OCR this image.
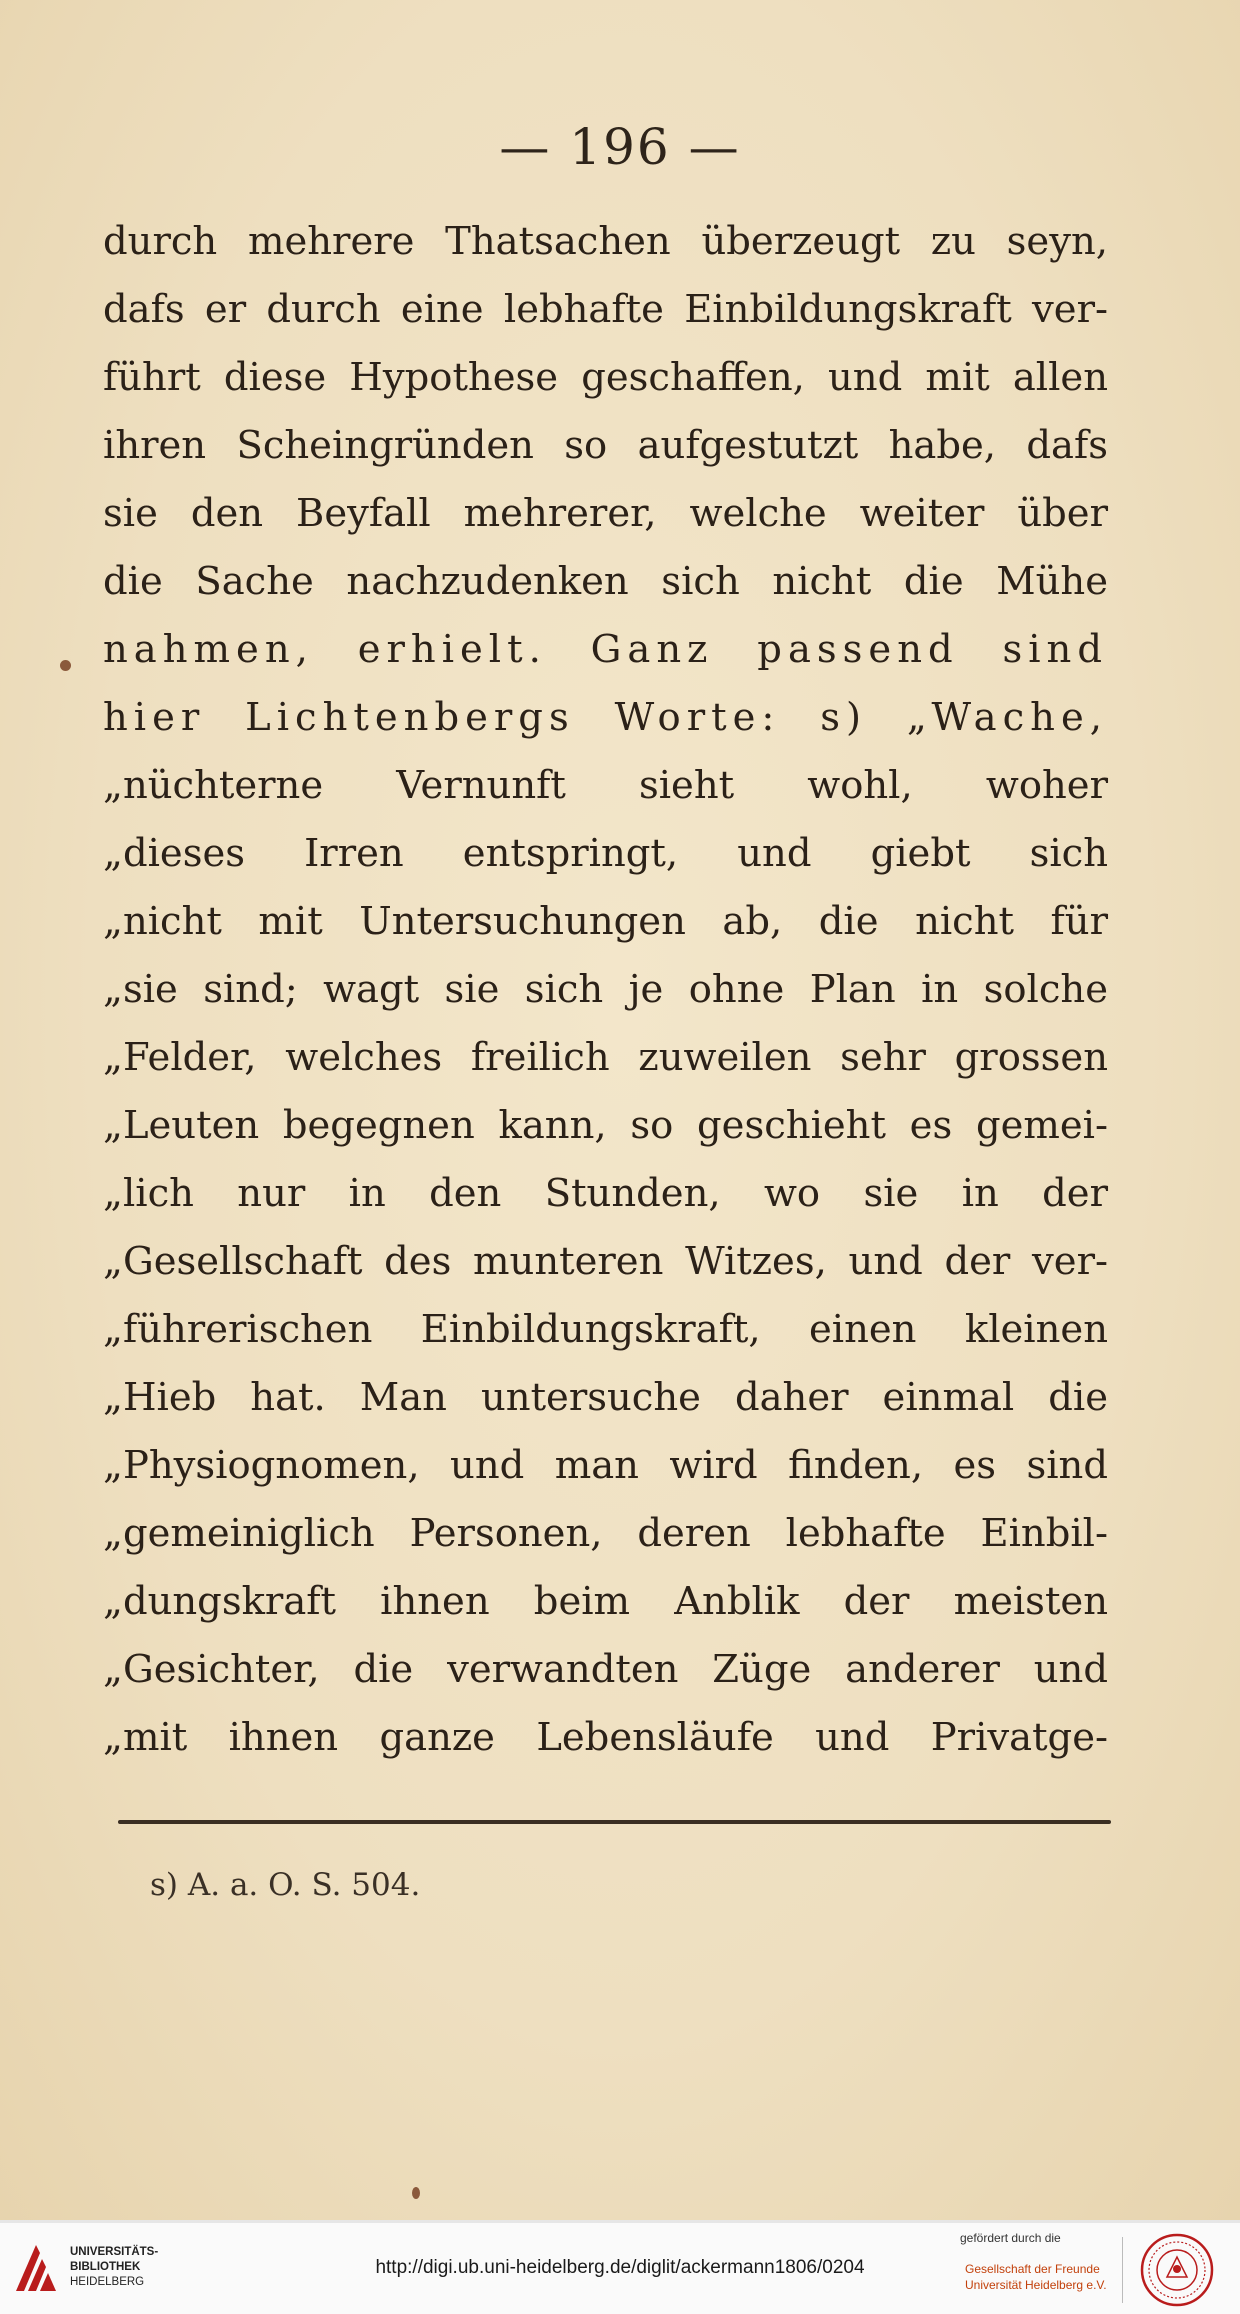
— 196 —
durch mehrere Thatsachen überzeugt zu seyn,
dafs er durch eine lebhafte Einbildungskraft ver-
führt diese Hypothese geschaffen, und mit allen
ihren Scheingründen so aufgestutzt habe, dafs
sie den Beyfall mehrerer, welche weiter über
die Sache nachzudenken sich nicht die Mühe
nahmen, erhielt. Ganz passend sind
hier Lichtenbergs Worte: s) „Wache,
„nüchterne Vernunft sieht wohl, woher
„dieses Irren entspringt, und giebt sich
„nicht mit Untersuchungen ab, die nicht für
„sie sind; wagt sie sich je ohne Plan in solche
„Felder, welches freilich zuweilen sehr grossen
„Leuten begegnen kann, so geschieht es gemei-
„lich nur in den Stunden, wo sie in der
„Gesellschaft des munteren Witzes, und der ver-
„führerischen Einbildungskraft, einen kleinen
„Hieb hat. Man untersuche daher einmal die
„Physiognomen, und man wird finden, es sind
„gemeiniglich Personen, deren lebhafte Einbil-
„dungskraft ihnen beim Anblik der meisten
„Gesichter, die verwandten Züge anderer und
„mit ihnen ganze Lebensläufe und Privatge-
s) A. a. O. S. 504.
UNIVERSITÄTS-
BIBLIOTHEK
HEIDELBERG
http://digi.ub.uni-heidelberg.de/diglit/ackermann1806/0204
gefördert durch die
Gesellschaft der Freunde
Universität Heidelberg e.V.
